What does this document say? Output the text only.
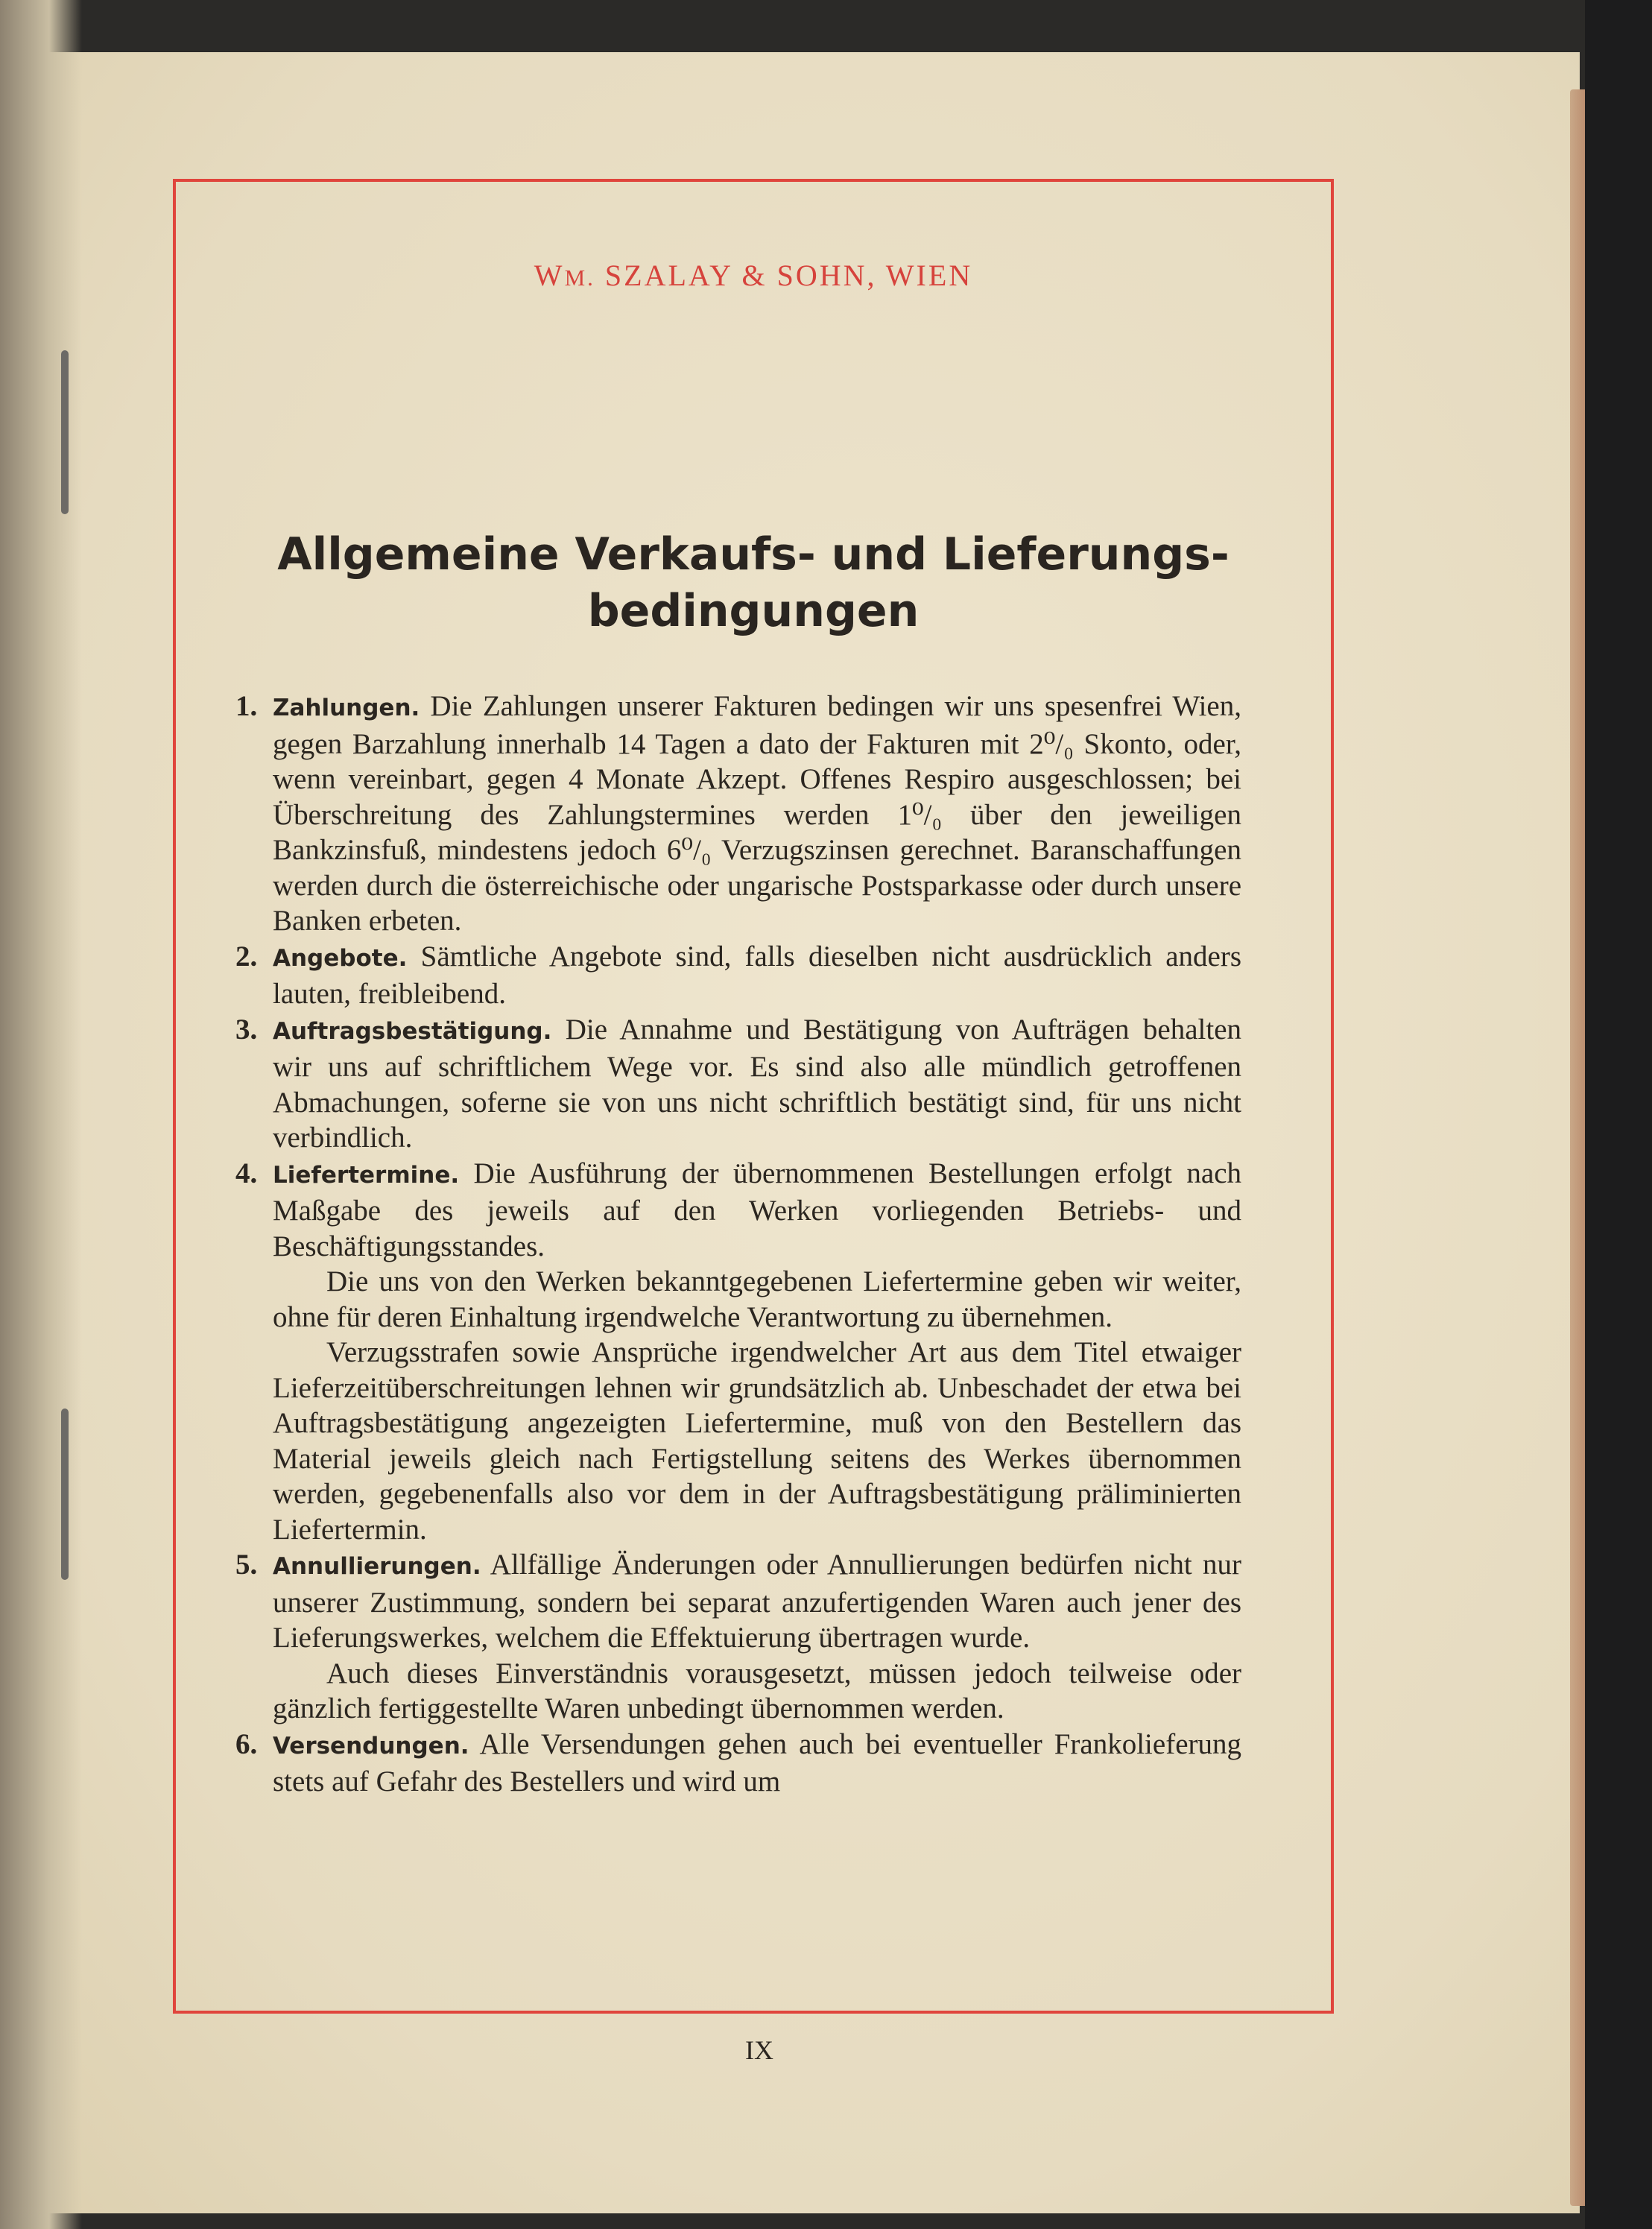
WM. SZALAY & SOHN, WIEN
Allgemeine Verkaufs- und Lieferungs-
bedingungen
1. Zahlungen. Die Zahlungen unserer Fakturen bedingen wir uns spesenfrei Wien, gegen Barzahlung innerhalb 14 Tagen a dato der Fakturen mit 2⁰/₀ Skonto, oder, wenn vereinbart, gegen 4 Monate Akzept. Offenes Respiro ausgeschlossen; bei Überschreitung des Zahlungstermines werden 1⁰/₀ über den jeweiligen Bankzinsfuß, mindestens jedoch 6⁰/₀ Verzugszinsen gerechnet. Baranschaffungen werden durch die österreichische oder ungarische Postsparkasse oder durch unsere Banken erbeten.
2. Angebote. Sämtliche Angebote sind, falls dieselben nicht ausdrücklich anders lauten, freibleibend.
3. Auftragsbestätigung. Die Annahme und Bestätigung von Aufträgen behalten wir uns auf schriftlichem Wege vor. Es sind also alle mündlich getroffenen Abmachungen, soferne sie von uns nicht schriftlich bestätigt sind, für uns nicht verbindlich.
4. Liefertermine. Die Ausführung der übernommenen Bestellungen erfolgt nach Maßgabe des jeweils auf den Werken vorliegenden Betriebs- und Beschäftigungsstandes.
Die uns von den Werken bekanntgegebenen Liefertermine geben wir weiter, ohne für deren Einhaltung irgendwelche Verantwortung zu übernehmen.
Verzugsstrafen sowie Ansprüche irgendwelcher Art aus dem Titel etwaiger Lieferzeitüberschreitungen lehnen wir grundsätzlich ab. Unbeschadet der etwa bei Auftragsbestätigung angezeigten Liefertermine, muß von den Bestellern das Material jeweils gleich nach Fertigstellung seitens des Werkes übernommen werden, gegebenenfalls also vor dem in der Auftragsbestätigung präliminierten Liefertermin.
5. Annullierungen. Allfällige Änderungen oder Annullierungen bedürfen nicht nur unserer Zustimmung, sondern bei separat anzufertigenden Waren auch jener des Lieferungswerkes, welchem die Effektuierung übertragen wurde.
Auch dieses Einverständnis vorausgesetzt, müssen jedoch teilweise oder gänzlich fertiggestellte Waren unbedingt übernommen werden.
6. Versendungen. Alle Versendungen gehen auch bei eventueller Frankolieferung stets auf Gefahr des Bestellers und wird um
IX
